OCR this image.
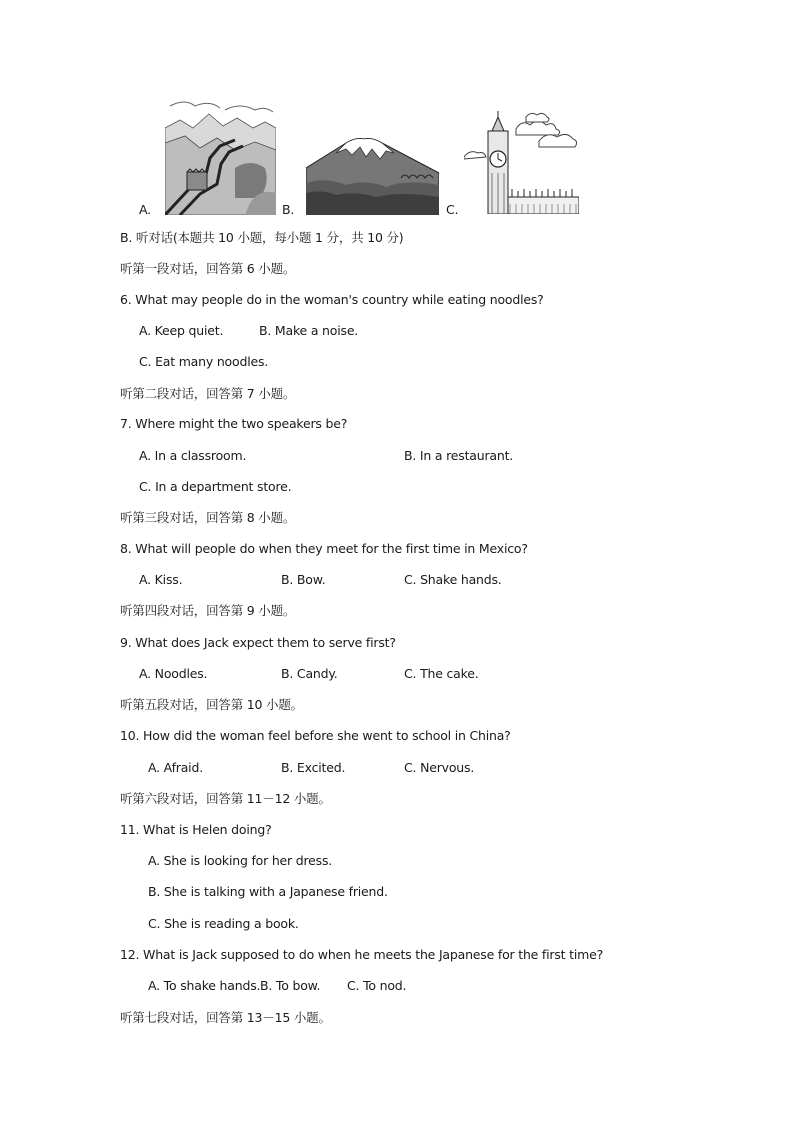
A.	B.	C.
B. 听对话(本题共 10 小题，每小题 1 分，共 10 分)
听第一段对话，回答第 6 小题。
6. What may people do in the woman's country while eating noodles?
A. Keep quiet.	B. Make a noise.
C. Eat many noodles.
听第二段对话，回答第 7 小题。
7. Where might the two speakers be?
A. In a classroom.	B. In a restaurant.
C. In a department store.
听第三段对话，回答第 8 小题。
8. What will people do when they meet for the first time in Mexico?
A. Kiss.	B. Bow.	C. Shake hands.
听第四段对话，回答第 9 小题。
9. What does Jack expect them to serve first?
A. Noodles.	B. Candy.	C. The cake.
听第五段对话，回答第 10 小题。
10. How did the woman feel before she went to school in China?
A. Afraid.	B. Excited.	C. Nervous.
听第六段对话，回答第 11－12 小题。
11. What is Helen doing?
A. She is looking for her dress.
B. She is talking with a Japanese friend.
C. She is reading a book.
12. What is Jack supposed to do when he meets the Japanese for the first time?
A. To shake hands. B. To bow. C. To nod.
听第七段对话，回答第 13－15 小题。
